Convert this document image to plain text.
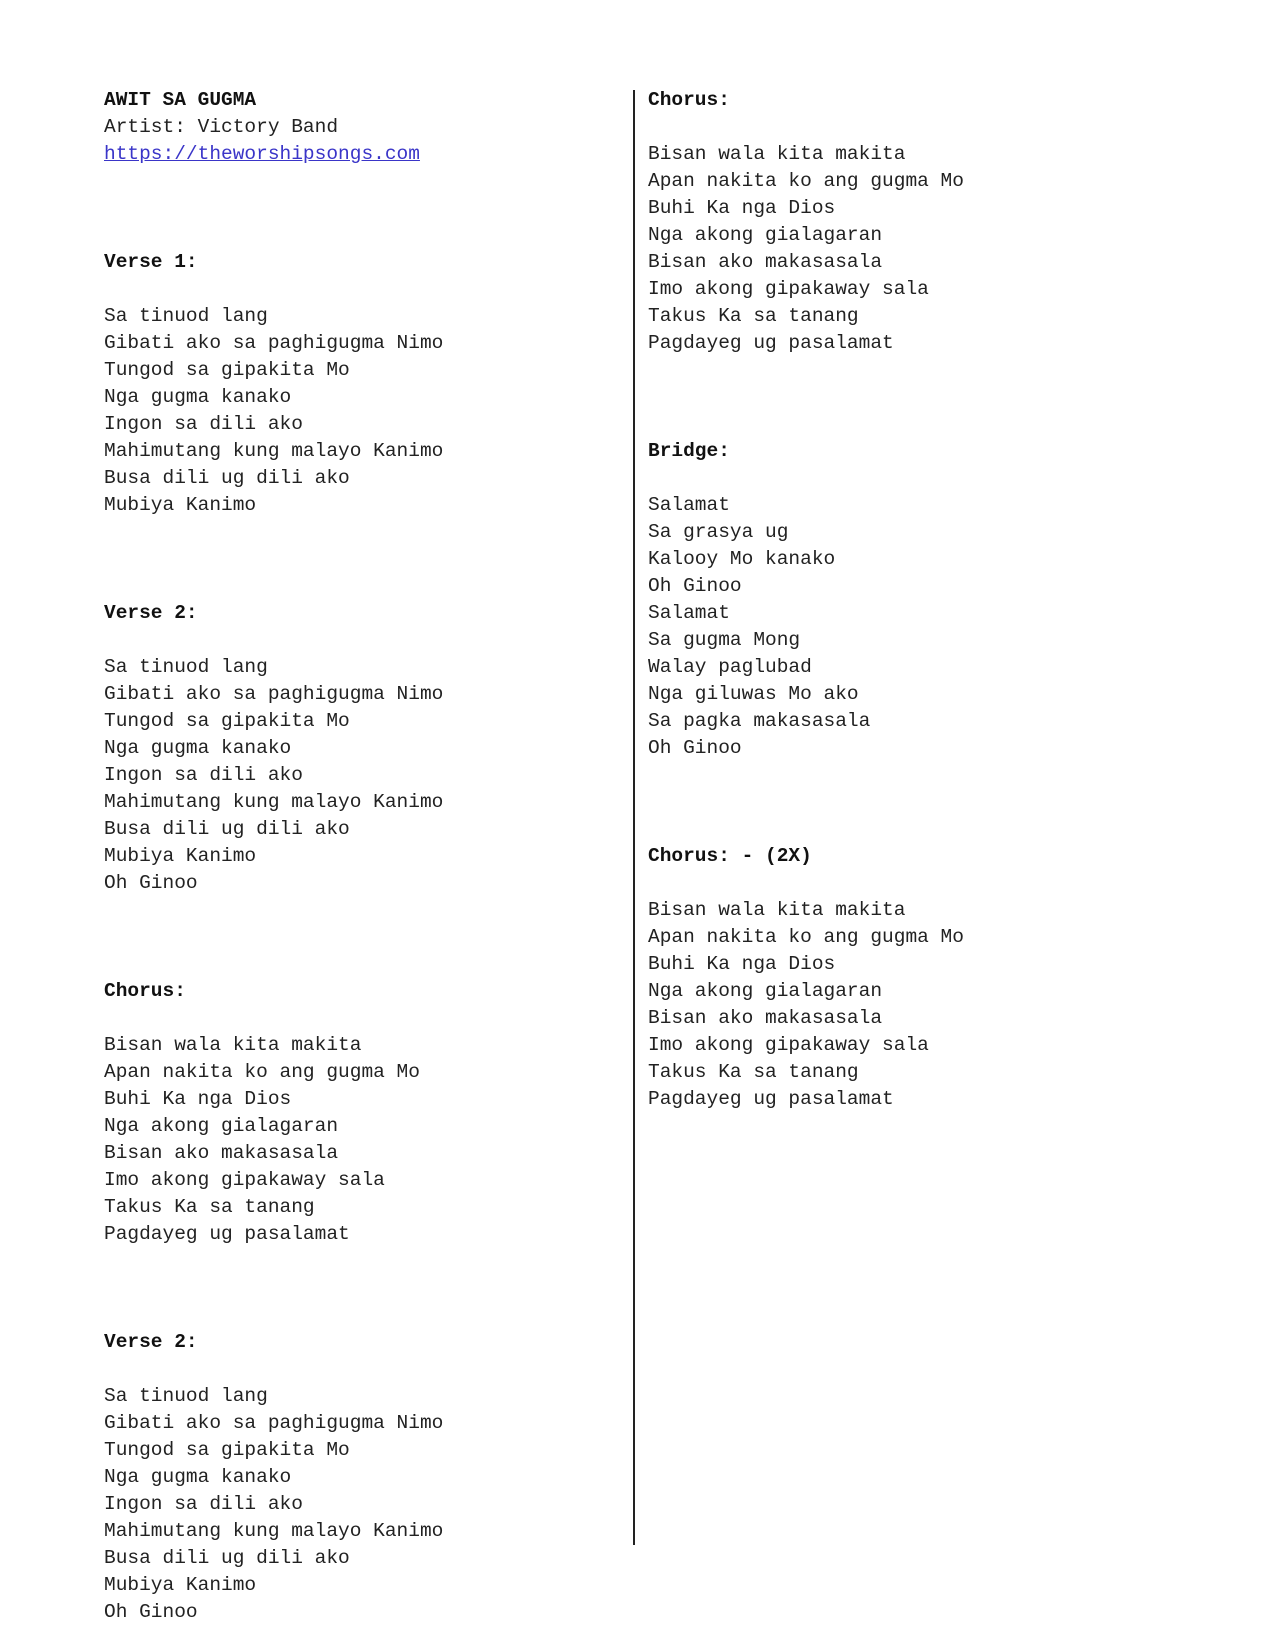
AWIT SA GUGMA
Artist: Victory Band
https://theworshipsongs.com
Verse 1:
Sa tinuod lang
Gibati ako sa paghigugma Nimo
Tungod sa gipakita Mo
Nga gugma kanako
Ingon sa dili ako
Mahimutang kung malayo Kanimo
Busa dili ug dili ako
Mubiya Kanimo
Verse 2:
Sa tinuod lang
Gibati ako sa paghigugma Nimo
Tungod sa gipakita Mo
Nga gugma kanako
Ingon sa dili ako
Mahimutang kung malayo Kanimo
Busa dili ug dili ako
Mubiya Kanimo
Oh Ginoo
Chorus:
Bisan wala kita makita
Apan nakita ko ang gugma Mo
Buhi Ka nga Dios
Nga akong gialagaran
Bisan ako makasasala
Imo akong gipakaway sala
Takus Ka sa tanang
Pagdayeg ug pasalamat
Verse 2:
Sa tinuod lang
Gibati ako sa paghigugma Nimo
Tungod sa gipakita Mo
Nga gugma kanako
Ingon sa dili ako
Mahimutang kung malayo Kanimo
Busa dili ug dili ako
Mubiya Kanimo
Oh Ginoo
Chorus:
Bisan wala kita makita
Apan nakita ko ang gugma Mo
Buhi Ka nga Dios
Nga akong gialagaran
Bisan ako makasasala
Imo akong gipakaway sala
Takus Ka sa tanang
Pagdayeg ug pasalamat
Bridge:
Salamat
Sa grasya ug
Kalooy Mo kanako
Oh Ginoo
Salamat
Sa gugma Mong
Walay paglubad
Nga giluwas Mo ako
Sa pagka makasasala
Oh Ginoo
Chorus: - (2X)
Bisan wala kita makita
Apan nakita ko ang gugma Mo
Buhi Ka nga Dios
Nga akong gialagaran
Bisan ako makasasala
Imo akong gipakaway sala
Takus Ka sa tanang
Pagdayeg ug pasalamat
